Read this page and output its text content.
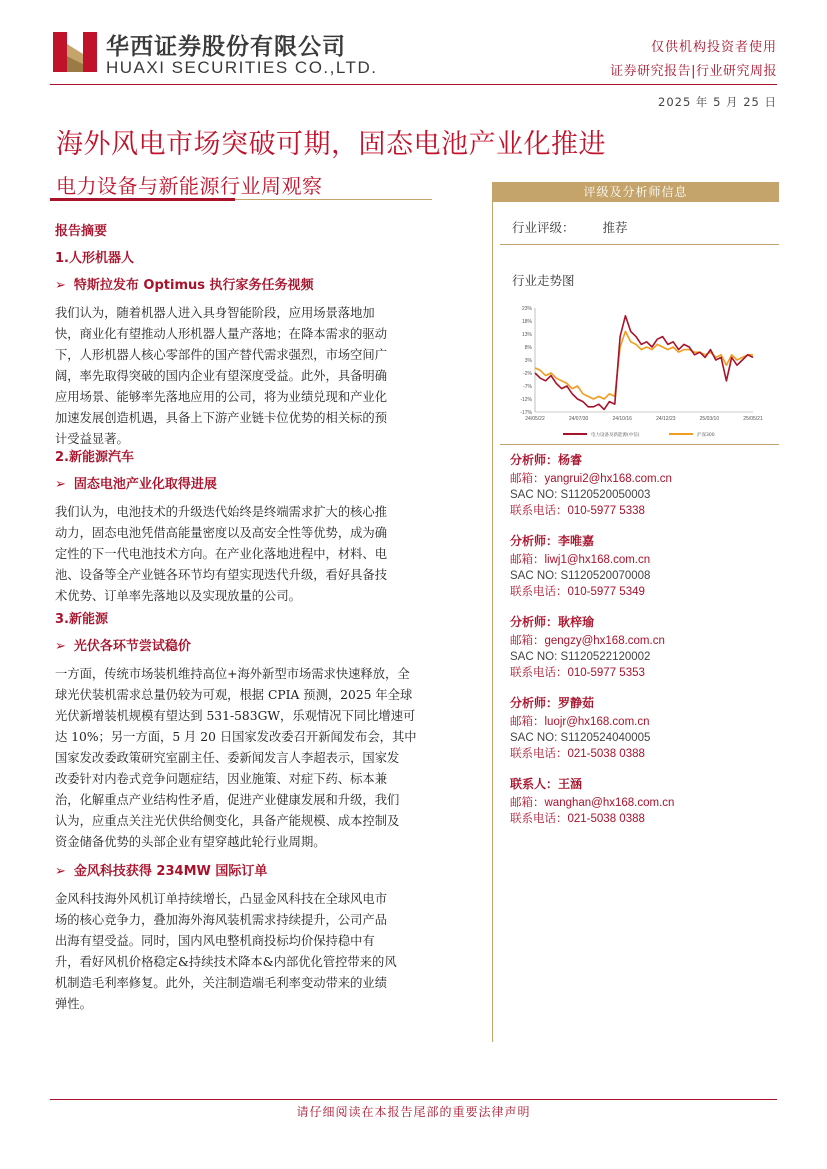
华西证券股份有限公司
HUAXI SECURITIES CO.,LTD.
仅供机构投资者使用
证券研究报告|行业研究周报
2025 年 5 月 25 日
海外风电市场突破可期，固态电池产业化推进
电力设备与新能源行业周观察
报告摘要
1.人形机器人
➢ 特斯拉发布 Optimus 执行家务任务视频
我们认为，随着机器人进入具身智能阶段，应用场景落地加
快，商业化有望推动人形机器人量产落地；在降本需求的驱动
下，人形机器人核心零部件的国产替代需求强烈，市场空间广
阔，率先取得突破的国内企业有望深度受益。此外，具备明确
应用场景、能够率先落地应用的公司，将为业绩兑现和产业化
加速发展创造机遇，具备上下游产业链卡位优势的相关标的预
计受益显著。
2.新能源汽车
➢ 固态电池产业化取得进展
我们认为，电池技术的升级迭代始终是终端需求扩大的核心推
动力，固态电池凭借高能量密度以及高安全性等优势，成为确
定性的下一代电池技术方向。在产业化落地进程中，材料、电
池、设备等全产业链各环节均有望实现迭代升级，看好具备技
术优势、订单率先落地以及实现放量的公司。
3.新能源
➢ 光伏各环节尝试稳价
一方面，传统市场装机维持高位+海外新型市场需求快速释放，全
球光伏装机需求总量仍较为可观，根据 CPIA 预测，2025 年全球
光伏新增装机规模有望达到 531-583GW，乐观情况下同比增速可
达 10%；另一方面，5 月 20 日国家发改委召开新闻发布会，其中
国家发改委政策研究室副主任、委新闻发言人李超表示，国家发
改委针对内卷式竞争问题症结，因业施策、对症下药、标本兼
治，化解重点产业结构性矛盾，促进产业健康发展和升级，我们
认为，应重点关注光伏供给侧变化，具备产能规模、成本控制及
资金储备优势的头部企业有望穿越此轮行业周期。
➢ 金风科技获得 234MW 国际订单
金风科技海外风机订单持续增长，凸显金风科技在全球风电市
场的核心竞争力，叠加海外海风装机需求持续提升，公司产品
出海有望受益。同时，国内风电整机商投标均价保持稳中有
升，看好风机价格稳定&持续技术降本&内部优化管控带来的风
机制造毛利率修复。此外，关注制造端毛利率变动带来的业绩
弹性。
评级及分析师信息
行业评级： 推荐
行业走势图
23%
18%
13%
8%
3%
-2%
-7%
-12%
-17%
24/05/22	24/07/30	24/10/16	24/12/23	25/03/10	25/05/21
电力设备及新能源(中信)	沪深300
分析师：杨睿
邮箱：yangrui2@hx168.com.cn
SAC NO: S1120520050003
联系电话：010-5977 5338
分析师：李唯嘉
邮箱：liwj1@hx168.com.cn
SAC NO: S1120520070008
联系电话：010-5977 5349
分析师：耿梓瑜
邮箱：gengzy@hx168.com.cn
SAC NO: S1120522120002
联系电话：010-5977 5353
分析师：罗静茹
邮箱：luojr@hx168.com.cn
SAC NO: S1120524040005
联系电话：021-5038 0388
联系人：王涵
邮箱：wanghan@hx168.com.cn
联系电话：021-5038 0388
请仔细阅读在本报告尾部的重要法律声明
